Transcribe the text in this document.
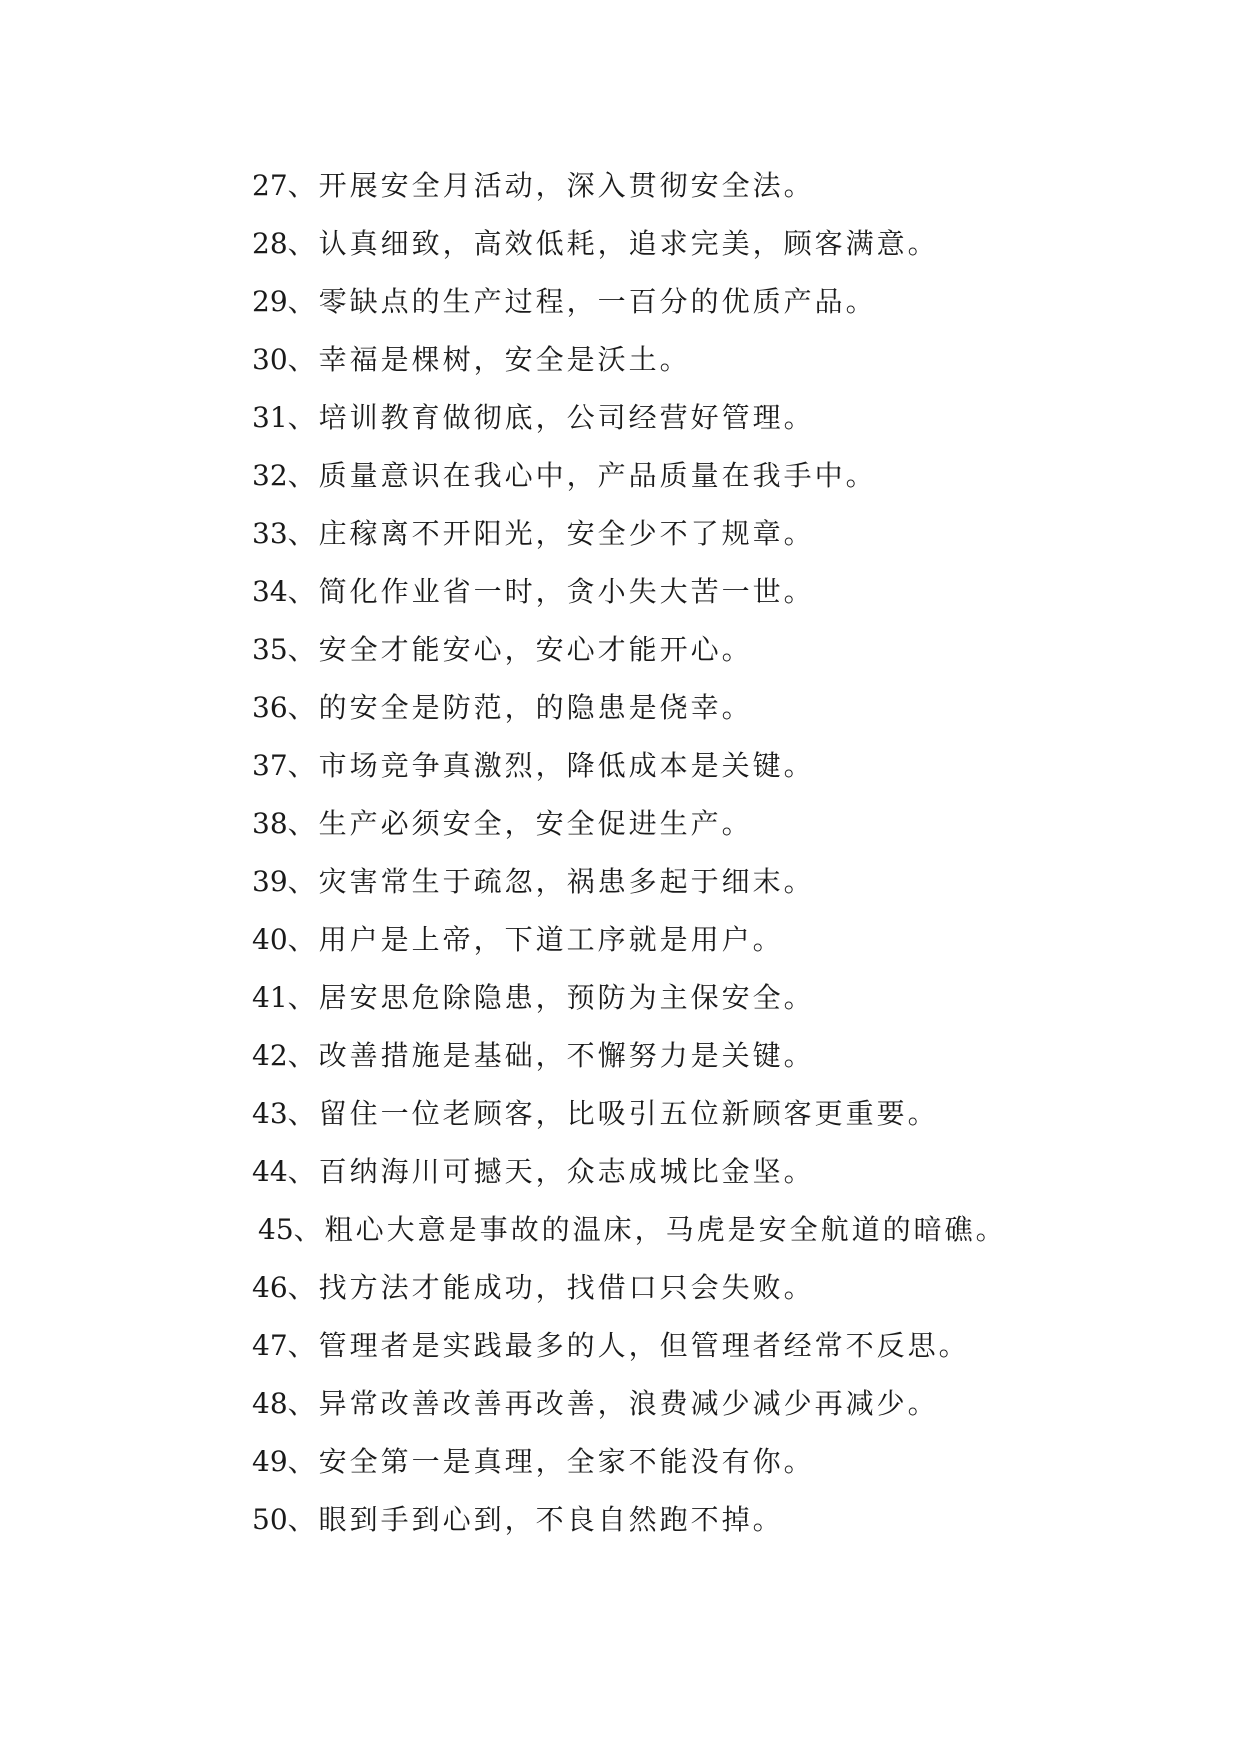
27、开展安全月活动，深入贯彻安全法。
28、认真细致，高效低耗，追求完美，顾客满意。
29、零缺点的生产过程，一百分的优质产品。
30、幸福是棵树，安全是沃土。
31、培训教育做彻底，公司经营好管理。
32、质量意识在我心中，产品质量在我手中。
33、庄稼离不开阳光，安全少不了规章。
34、简化作业省一时，贪小失大苦一世。
35、安全才能安心，安心才能开心。
36、的安全是防范，的隐患是侥幸。
37、市场竞争真激烈，降低成本是关键。
38、生产必须安全，安全促进生产。
39、灾害常生于疏忽，祸患多起于细末。
40、用户是上帝，下道工序就是用户。
41、居安思危除隐患，预防为主保安全。
42、改善措施是基础，不懈努力是关键。
43、留住一位老顾客，比吸引五位新顾客更重要。
44、百纳海川可撼天，众志成城比金坚。
45、粗心大意是事故的温床，马虎是安全航道的暗礁。
46、找方法才能成功，找借口只会失败。
47、管理者是实践最多的人，但管理者经常不反思。
48、异常改善改善再改善，浪费减少减少再减少。
49、安全第一是真理，全家不能没有你。
50、眼到手到心到，不良自然跑不掉。
